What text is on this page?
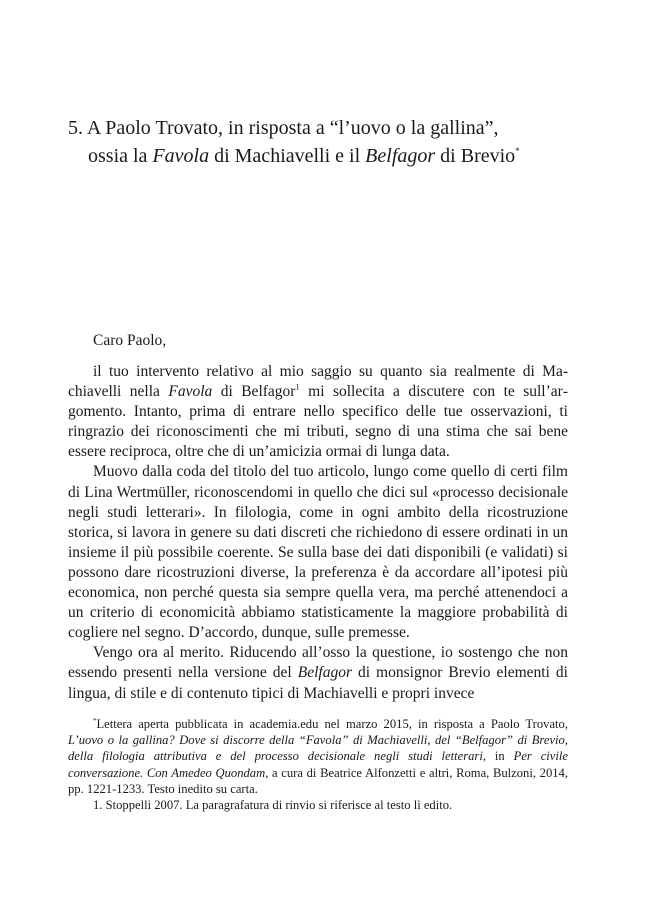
5. A Paolo Trovato, in risposta a “l’uovo o la gallina”,
ossia la Favola di Machiavelli e il Belfagor di Brevio*
Caro Paolo,

il tuo intervento relativo al mio saggio su quanto sia realmente di Machiavelli nella Favola di Belfagor$^1$ mi sollecita a discutere con te sull’argomento. Intanto, prima di entrare nello specifico delle tue osservazioni, ti ringrazio dei riconoscimenti che mi tributi, segno di una stima che sai bene essere reciproca, oltre che di un’amicizia ormai di lunga data.

Muovo dalla coda del titolo del tuo articolo, lungo come quello di certi film di Lina Wertmüller, riconoscendomi in quello che dici sul «processo decisionale negli studi letterari». In filologia, come in ogni ambito della ricostruzione storica, si lavora in genere su dati discreti che richiedono di essere ordinati in un insieme il più possibile coerente. Se sulla base dei dati disponibili (e validati) si possono dare ricostruzioni diverse, la preferenza è da accordare all’ipotesi più economica, non perché questa sia sempre quella vera, ma perché attenendoci a un criterio di economicità abbiamo statisticamente la maggiore probabilità di cogliere nel segno. D’accordo, dunque, sulle premesse.

Vengo ora al merito. Riducendo all’osso la questione, io sostengo che non essendo presenti nella versione del Belfagor di monsignor Brevio elementi di lingua, di stile e di contenuto tipici di Machiavelli e propri invece

*Lettera aperta pubblicata in academia.edu nel marzo 2015, in risposta a Paolo Trovato, L’uovo o la gallina? Dove si discorre della “Favola” di Machiavelli, del “Belfagor” di Brevio, della filologia attributiva e del processo decisionale negli studi letterari, in Per civile conversazione. Con Amedeo Quondam, a cura di Beatrice Alfonzetti e altri, Roma, Bulzoni, 2014, pp. 1221-1233. Testo inedito su carta.

1. Stoppelli 2007. La paragrafatura di rinvio si riferisce al testo lì edito.
